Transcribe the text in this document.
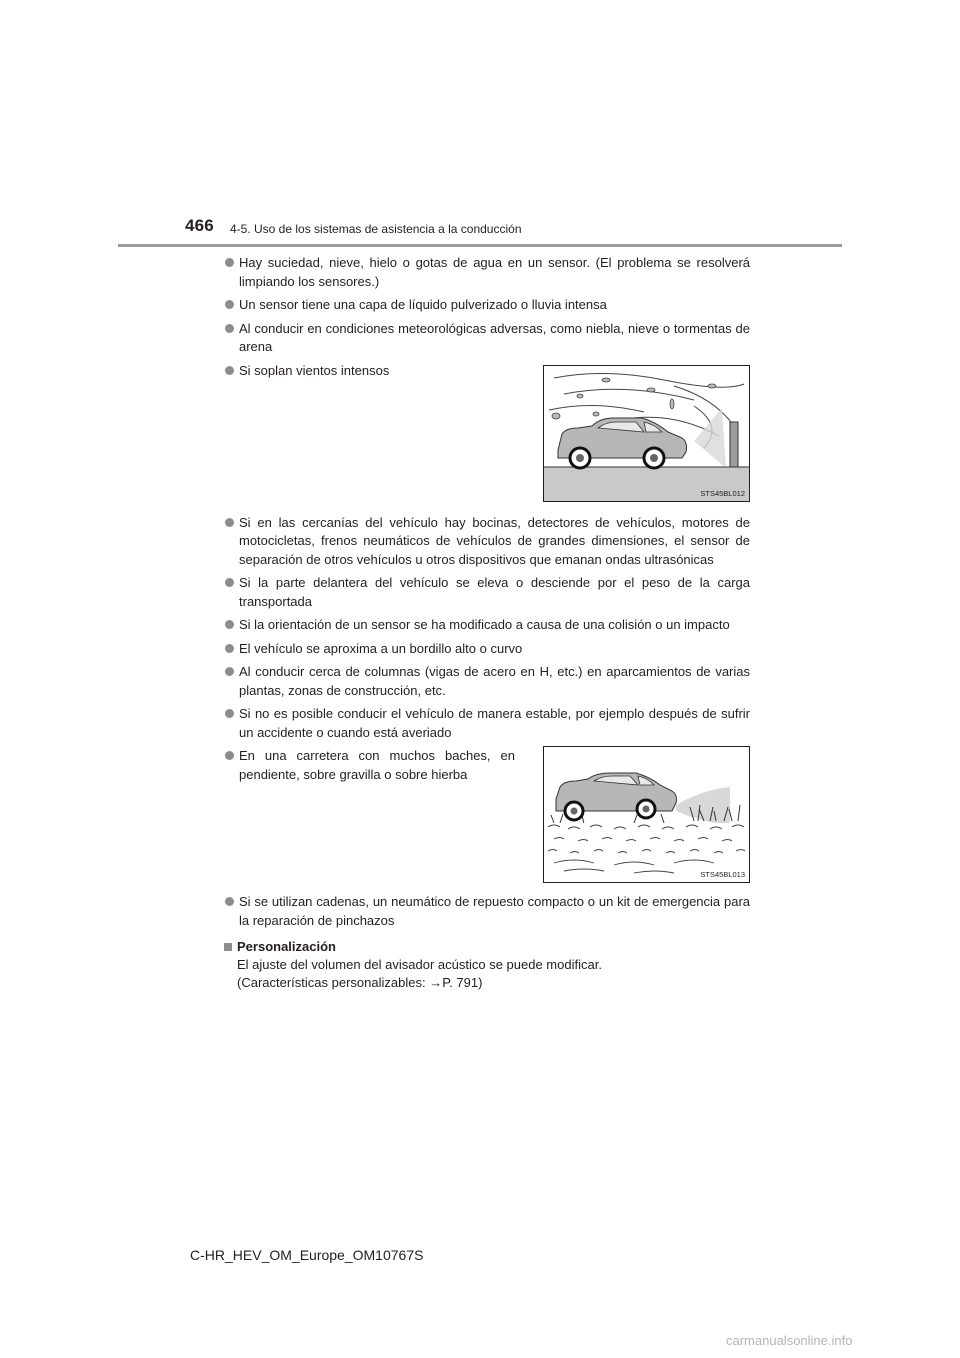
466 4-5. Uso de los sistemas de asistencia a la conducción
Hay suciedad, nieve, hielo o gotas de agua en un sensor. (El problema se resolverá limpiando los sensores.)
Un sensor tiene una capa de líquido pulverizado o lluvia intensa
Al conducir en condiciones meteorológicas adversas, como niebla, nieve o tormentas de arena
Si soplan vientos intensos
STS45BL012
Si en las cercanías del vehículo hay bocinas, detectores de vehículos, motores de motocicletas, frenos neumáticos de vehículos de grandes dimensiones, el sensor de separación de otros vehículos u otros dispositivos que emanan ondas ultrasónicas
Si la parte delantera del vehículo se eleva o desciende por el peso de la carga transportada
Si la orientación de un sensor se ha modificado a causa de una colisión o un impacto
El vehículo se aproxima a un bordillo alto o curvo
Al conducir cerca de columnas (vigas de acero en H, etc.) en aparcamientos de varias plantas, zonas de construcción, etc.
Si no es posible conducir el vehículo de manera estable, por ejemplo después de sufrir un accidente o cuando está averiado
En una carretera con muchos baches, en pendiente, sobre gravilla o sobre hierba
STS45BL013
Si se utilizan cadenas, un neumático de repuesto compacto o un kit de emergencia para la reparación de pinchazos
Personalización
El ajuste del volumen del avisador acústico se puede modificar.
(Características personalizables: →P. 791)
C-HR_HEV_OM_Europe_OM10767S
carmanualsonline.info
